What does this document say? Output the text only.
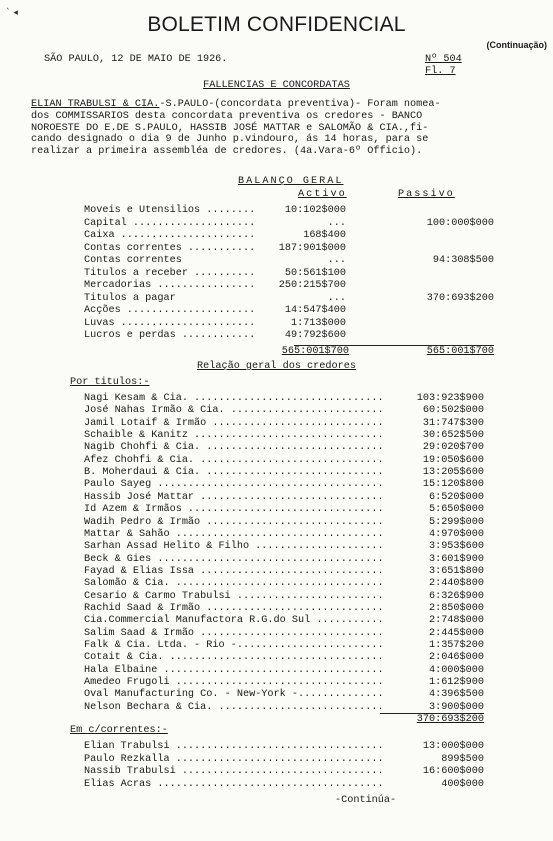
BOLETIM CONFIDENCIAL
(Continuação)
SÃO PAULO, 12 DE MAIO DE 1926.	Nº 504
Fl. 7
FALLENCIAS E CONCORDATAS
ELIAN TRABULSI & CIA.-S.PAULO-(concordata preventiva)- Foram nomea-
dos COMMISSARIOS desta concordata preventiva os credores - BANCO
NOROESTE DO E.DE S.PAULO, HASSIB JOSÉ MATTAR e SALOMÃO & CIA.,fi-
cando designado o dia 9 de Junho p.vindouro, ás 14 horas, para se
realizar a primeira assembléa de credores. (4a.Vara-6º Officio).
BALANÇO GERAL
Activo	Passivo
Moveis e Utensilios ........	10:102$000
Capital ....................	...	100:000$000
Caixa ......................	168$400
Contas correntes ........... 187:901$000
Contas correntes	...	94:308$500
Titulos a receber ..........	50:561$100
Mercadorias ................ 250:215$700
Titulos a pagar	...	370:693$200
Acções .....................	14:547$400
Luvas ......................	1:713$000
Lucros e perdas ............	49:792$600
565:001$700	565:001$700
Relação geral dos credores
Por titulos:-
Nagi Kesam & Cia. ...............................	103:923$900
José Nahas Irmão & Cia. .........................	60:502$000
Jamil Lotaif & Irmão ............................	31:747$300
Schaible & Kanitz ...............................	30:652$500
Nagib Chohfi & Cia. .............................	29:020$700
Afez Chohfi & Cia. ..............................	19:050$600
B. Moherdaui & Cia. .............................	13:205$600
Paulo Sayeg .....................................	15:120$800
Hassib José Mattar ..............................	6:520$000
Id Azem & Irmãos ................................	5:650$000
Wadih Pedro & Irmão .............................	5:299$000
Mattar & Sahão ..................................	4:970$000
Sarhan Assad Helito & Filho .....................	3:953$600
Beck & Gies .....................................	3:601$900
Fayad & Elias Issa ..............................	3:651$800
Salomão & Cia. ..................................	2:440$800
Cesario & Carmo Trabulsi ........................	6:326$900
Rachid Saad & Irmão .............................	2:850$000
Cia.Commercial Manufactora R.G.do Sul ...........	2:748$000
Salim Saad & Irmão ..............................	2:445$000
Falk & Cia. Ltda. - Rio -........................	1:357$200
Cotait & Cia. ...................................	2:046$000
Hala Elbaine ....................................	4:000$000
Amedeo Frugoli ..................................	1:612$900
Oval Manufacturing Co. - New-York -..............	4:396$500
Nelson Bechara & Cia. ...........................	3:900$000
370:693$200
Em c/correntes:-
Elian Trabulsi ..................................	13:000$000
Paulo Rezkalla ..................................	899$500
Nassib Trabulsi .................................	16:600$000
Elias Acras .....................................	400$000
-Continúa-
` ◂
